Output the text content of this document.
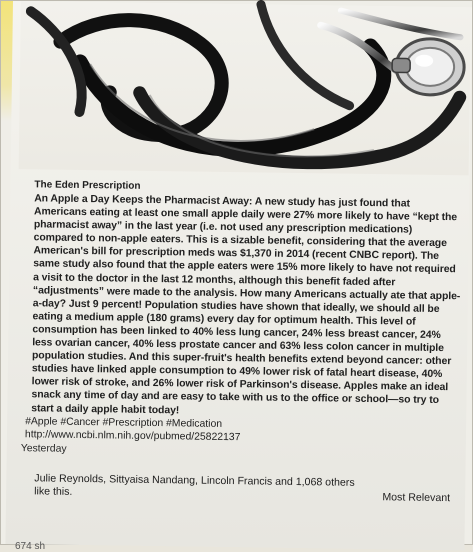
The Eden Prescription

An Apple a Day Keeps the Pharmacist Away: A new study has just found that Americans eating at least one small apple daily were 27% more likely to have “kept the pharmacist away” in the last year (i.e. not used any prescription medications) compared to non-apple eaters. This is a sizable benefit, considering that the average American's bill for prescription meds was $1,370 in 2014 (recent CNBC report). The same study also found that the apple eaters were 15% more likely to have not required a visit to the doctor in the last 12 months, although this benefit faded after “adjustments” were made to the analysis. How many Americans actually ate that apple-a-day? Just 9 percent! Population studies have shown that ideally, we should all be eating a medium apple (180 grams) every day for optimum health. This level of consumption has been linked to 40% less lung cancer, 24% less breast cancer, 24% less ovarian cancer, 40% less prostate cancer and 63% less colon cancer in multiple population studies. And this super-fruit's health benefits extend beyond cancer: other studies have linked apple consumption to 49% lower risk of fatal heart disease, 40% lower risk of stroke, and 26% lower risk of Parkinson's disease. Apples make an ideal snack any time of day and are easy to take with us to the office or school—so try to start a daily apple habit today!

#Apple #Cancer #Prescription #Medication
http://www.ncbi.nlm.nih.gov/pubmed/25822137
Yesterday
Julie Reynolds, Sittyaisa Nandang, Lincoln Francis and 1,068 others like this.	Most Relevant
674 sh
